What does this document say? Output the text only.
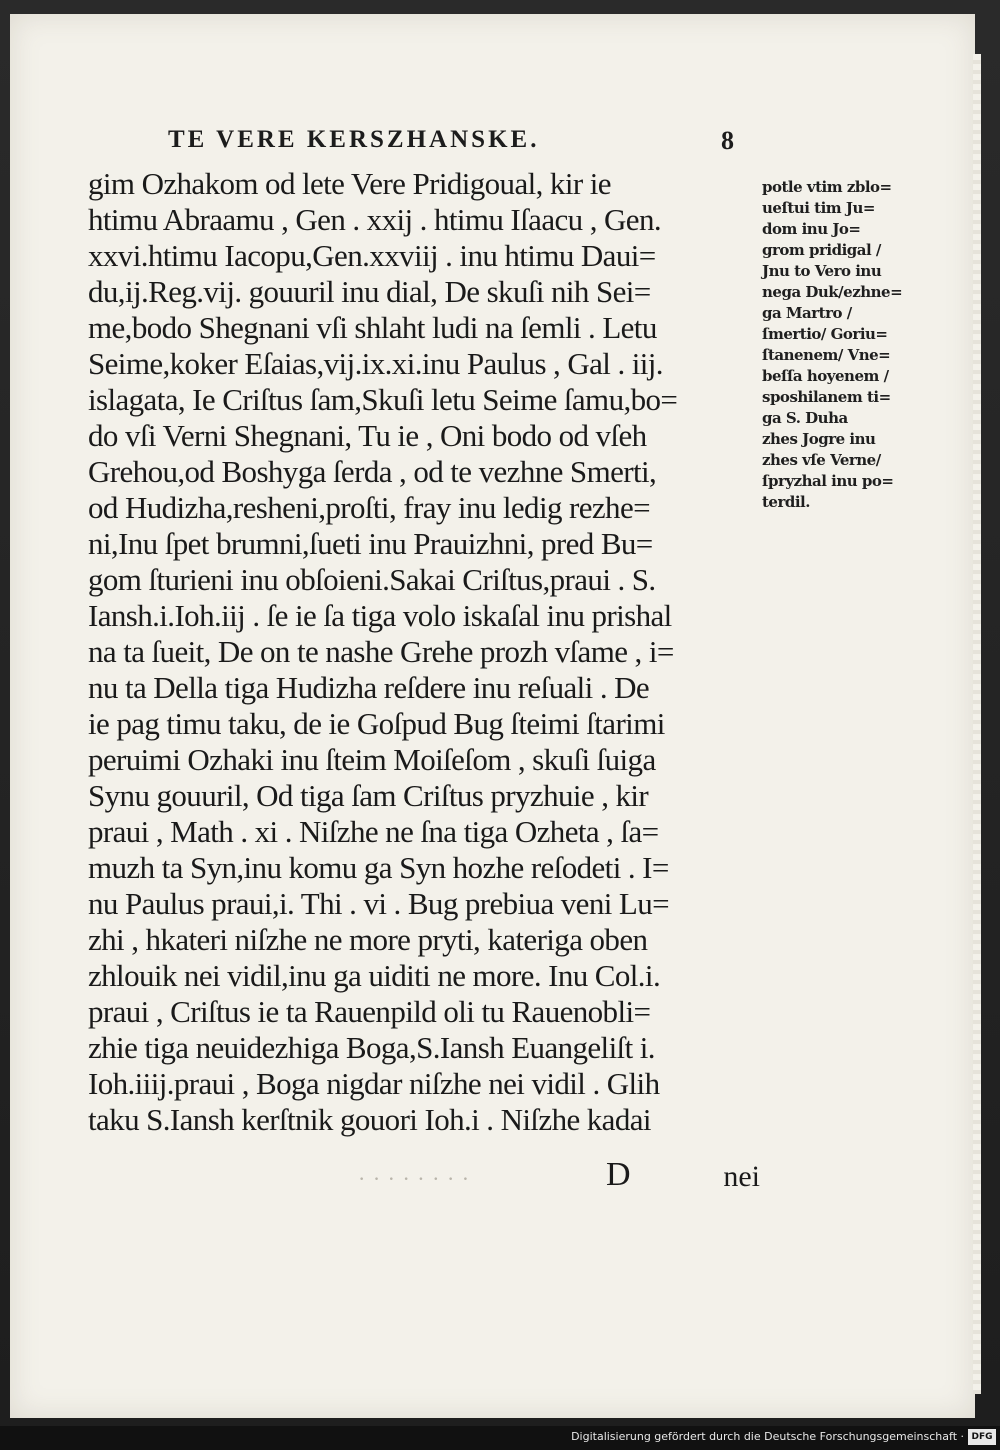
TE VERE KERSZHANSKE.	8
gim Ozhakom od lete Vere Pridigoual, kir ie
htimu Abraamu , Gen . xxij . htimu Iſaacu , Gen.
xxvi.htimu Iacopu,Gen.xxviij . inu htimu Daui=
du,ij.Reg.vij. gouuril inu dial, De skuſi nih Sei=
me,bodo Shegnani vſi shlaht ludi na ſemli . Letu
Seime,koker Eſaias,vij.ix.xi.inu Paulus , Gal . iij.
islagata, Ie Criſtus ſam,Skuſi letu Seime ſamu,bo=
do vſi Verni Shegnani, Tu ie , Oni bodo od vſeh
Grehou,od Boshyga ſerda , od te vezhne Smerti,
od Hudizha,resheni,proſti, fray inu ledig rezhe=
ni,Inu ſpet brumni,ſueti inu Prauizhni, pred Bu=
gom ſturieni inu obſoieni.Sakai Criſtus,praui . S.
Iansh.i.Ioh.iij . ſe ie ſa tiga volo iskaſal inu prishal
na ta ſueit, De on te nashe Grehe prozh vſame , i=
nu ta Della tiga Hudizha reſdere inu reſuali . De
ie pag timu taku, de ie Goſpud Bug ſteimi ſtarimi
peruimi Ozhaki inu ſteim Moiſeſom , skuſi ſuiga
Synu gouuril, Od tiga ſam Criſtus pryzhuie , kir
praui , Math . xi . Niſzhe ne ſna tiga Ozheta , ſa=
muzh ta Syn,inu komu ga Syn hozhe reſodeti . I=
nu Paulus praui,i. Thi . vi . Bug prebiua veni Lu=
zhi , hkateri niſzhe ne more pryti, kateriga oben
zhlouik nei vidil,inu ga uiditi ne more. Inu Col.i.
praui , Criſtus ie ta Rauenpild oli tu Rauenobli=
zhie tiga neuidezhiga Boga,S.Iansh Euangeliſt i.
Ioh.iiij.praui , Boga nigdar niſzhe nei vidil . Glih
taku S.Iansh kerſtnik gouori Ioh.i . Niſzhe kadai
potle vtim zblo=
ueſtui tim Ju=
dom inu Jo=
grom pridigal /
Jnu to Vero inu
nega Duk/ezhne=
ga Martro /
ſmertio/ Goriu=
ſtanenem/ Vne=
beſſa hoyenem /
sposhilanem ti=
ga S. Duha
zhes Jogre inu
zhes vſe Verne/
ſpryzhal inu po=
terdil.
· · · · · · · ·	D	nei
Digitalisierung gefördert durch die Deutsche Forschungsgemeinschaft · DFG
